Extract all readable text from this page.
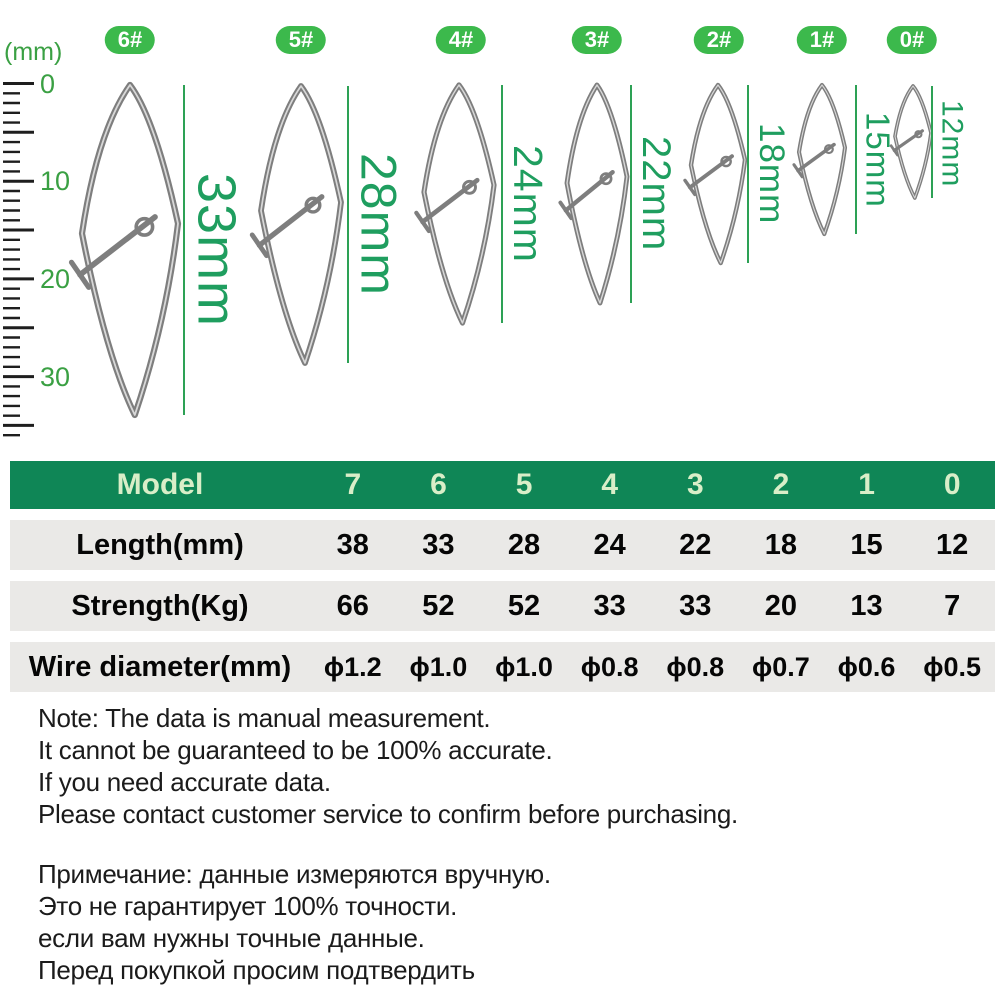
(mm)
0
10
20
30
6#	5#	4#	3#	2#	1#	0#
33mm 28mm 24mm 22mm 18mm 15mm 12mm
Model	7	6	5	4	3	2	1	0
Length(mm)	38	33	28	24	22	18	15	12
Strength(Kg)	66	52	52	33	33	20	13	7
Wire diameter(mm)	ϕ1.2	ϕ1.0	ϕ1.0	ϕ0.8	ϕ0.8	ϕ0.7	ϕ0.6	ϕ0.5
Note: The data is manual measurement.
It cannot be guaranteed to be 100% accurate.
If you need accurate data.
Please contact customer service to confirm before purchasing.
Примечание: данные измеряются вручную.
Это не гарантирует 100% точности.
если вам нужны точные данные.
Перед покупкой просим подтвердить
